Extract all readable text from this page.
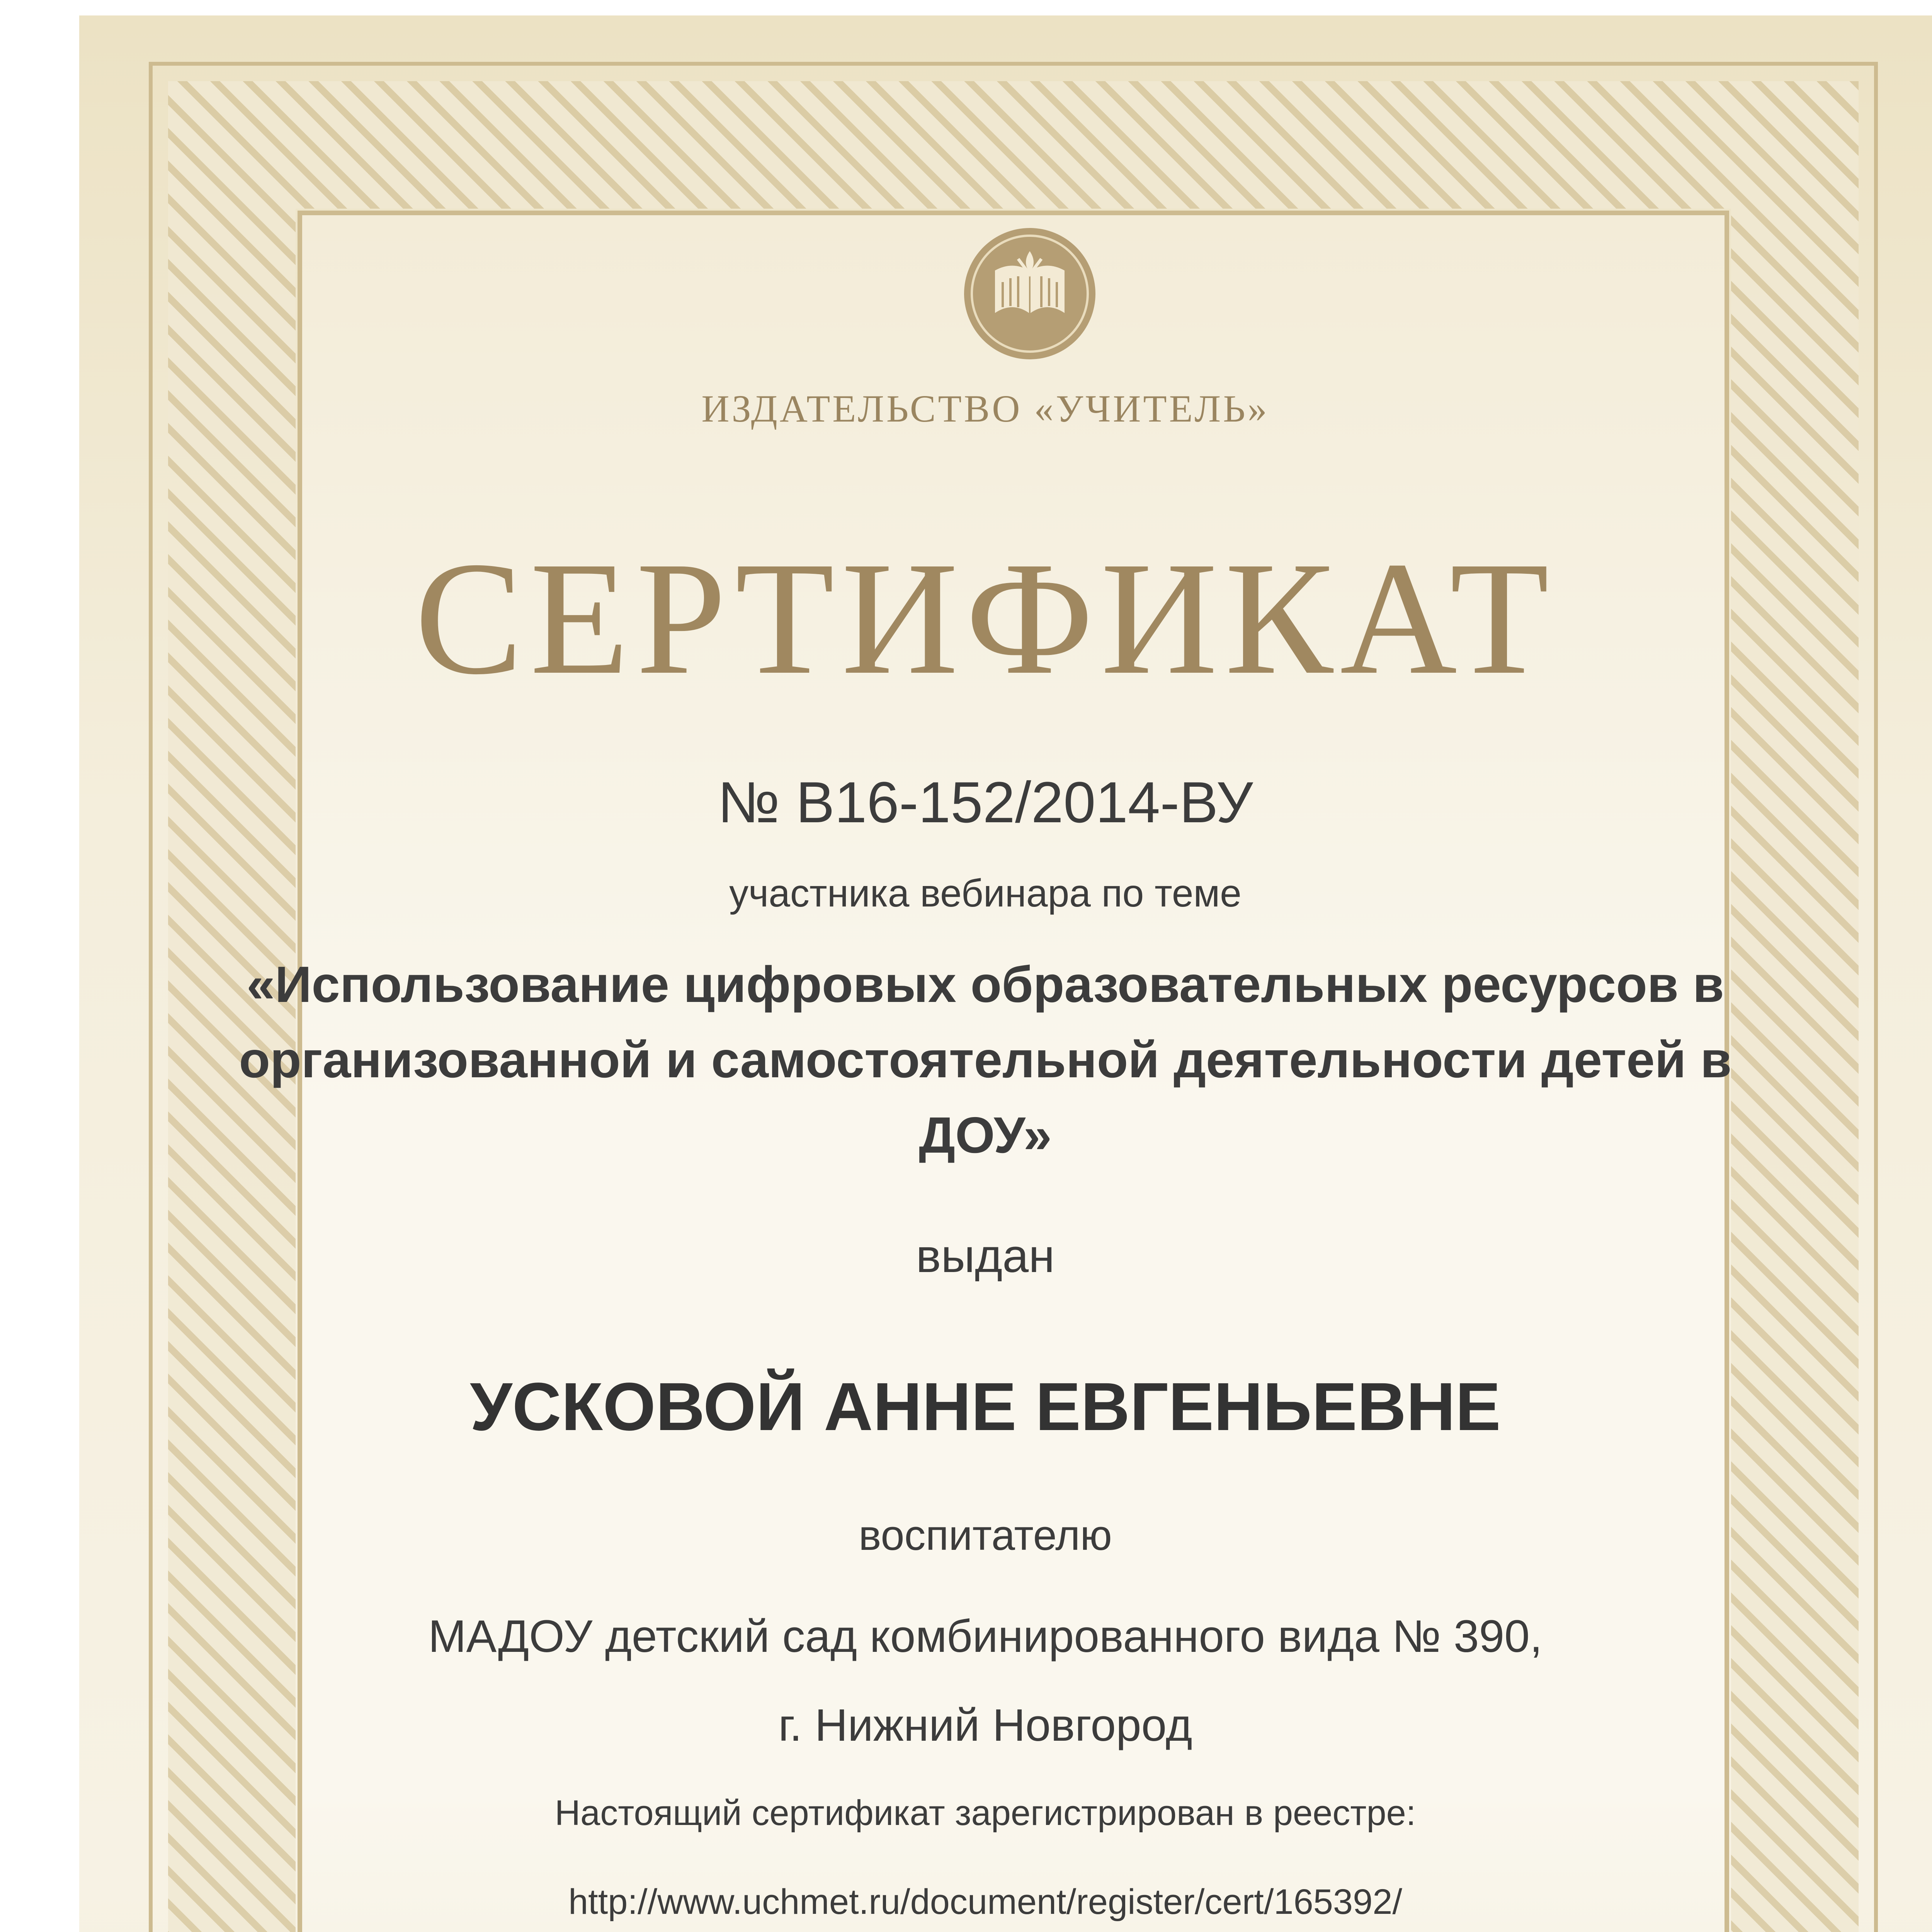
ИЗДАТЕЛЬСТВО «УЧИТЕЛЬ»
СЕРТИФИКАТ
№ В16-152/2014-ВУ
участника вебинара по теме
«Использование цифровых образовательных ресурсов в
организованной и самостоятельной деятельности детей в
ДОУ»
выдан
УСКОВОЙ АННЕ ЕВГЕНЬЕВНЕ
воспитателю
МАДОУ детский сад комбинированного вида № 390,
г. Нижний Новгород
Настоящий сертификат зарегистрирован в реестре:
http://www.uchmet.ru/document/register/cert/165392/
